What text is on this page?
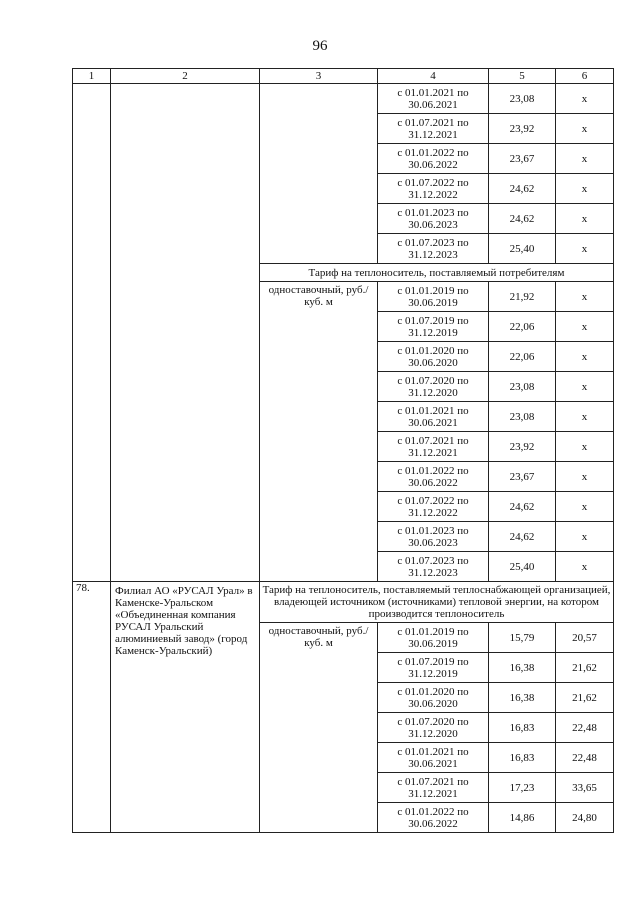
96
1	2	3	4	5	6
			с 01.01.2021 по 30.06.2021	23,08	х
			с 01.07.2021 по 31.12.2021	23,92	х
			с 01.01.2022 по 30.06.2022	23,67	х
			с 01.07.2022 по 31.12.2022	24,62	х
			с 01.01.2023 по 30.06.2023	24,62	х
			с 01.07.2023 по 31.12.2023	25,40	х
		Тариф на теплоноситель, поставляемый потребителям			
		одноставочный, руб./куб. м	с 01.01.2019 по 30.06.2019	21,92	х
			с 01.07.2019 по 31.12.2019	22,06	х
			с 01.01.2020 по 30.06.2020	22,06	х
			с 01.07.2020 по 31.12.2020	23,08	х
			с 01.01.2021 по 30.06.2021	23,08	х
			с 01.07.2021 по 31.12.2021	23,92	х
			с 01.01.2022 по 30.06.2022	23,67	х
			с 01.07.2022 по 31.12.2022	24,62	х
			с 01.01.2023 по 30.06.2023	24,62	х
			с 01.07.2023 по 31.12.2023	25,40	х
78.	Филиал АО «РУСАЛ Урал» в Каменске-Уральском «Объединенная компания РУСАЛ Уральский алюминиевый завод» (город Каменск-Уральский)	Тариф на теплоноситель, поставляемый теплоснабжающей организацией, владеющей источником (источниками) тепловой энергии, на котором производится теплоноситель			
		одноставочный, руб./куб. м	с 01.01.2019 по 30.06.2019	15,79	20,57
			с 01.07.2019 по 31.12.2019	16,38	21,62
			с 01.01.2020 по 30.06.2020	16,38	21,62
			с 01.07.2020 по 31.12.2020	16,83	22,48
			с 01.01.2021 по 30.06.2021	16,83	22,48
			с 01.07.2021 по 31.12.2021	17,23	33,65
			с 01.01.2022 по 30.06.2022	14,86	24,80
